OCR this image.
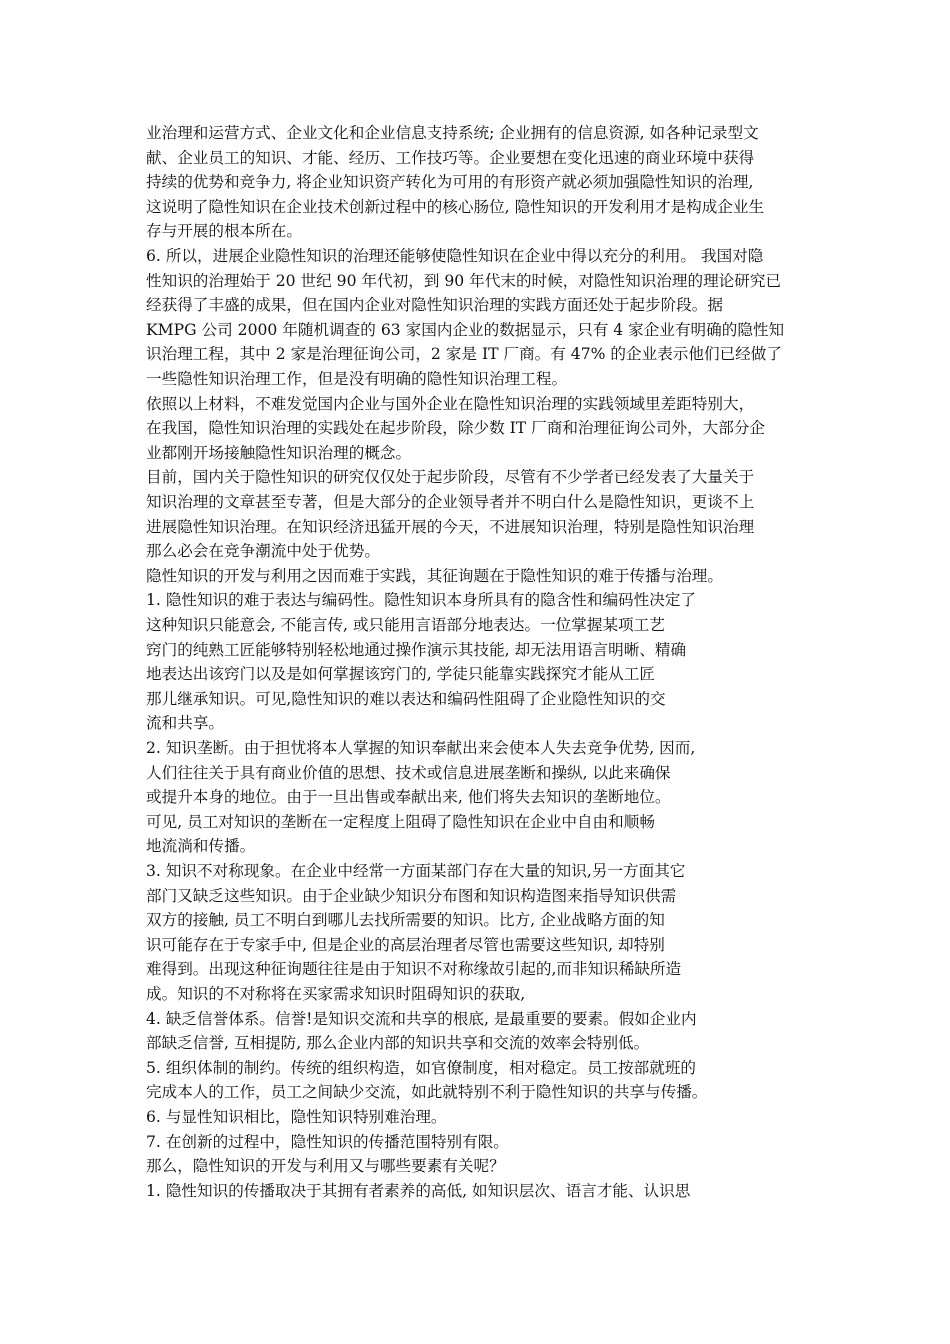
业治理和运营方式、企业文化和企业信息支持系统; 企业拥有的信息资源, 如各种记录型文
献、企业员工的知识、才能、经历、工作技巧等。企业要想在变化迅速的商业环境中获得
持续的优势和竞争力, 将企业知识资产转化为可用的有形资产就必须加强隐性知识的治理,
这说明了隐性知识在企业技术创新过程中的核心肠位, 隐性知识的开发利用才是构成企业生
存与开展的根本所在。
6. 所以，进展企业隐性知识的治理还能够使隐性知识在企业中得以充分的利用。 我国对隐
性知识的治理始于 20 世纪 90 年代初，到 90 年代末的时候，对隐性知识治理的理论研究已
经获得了丰盛的成果，但在国内企业对隐性知识治理的实践方面还处于起步阶段。据
KMPG 公司 2000 年随机调查的 63 家国内企业的数据显示，只有 4 家企业有明确的隐性知
识治理工程，其中 2 家是治理征询公司，2 家是 IT 厂商。有 47% 的企业表示他们已经做了
一些隐性知识治理工作，但是没有明确的隐性知识治理工程。
依照以上材料，不难发觉国内企业与国外企业在隐性知识治理的实践领域里差距特别大，
在我国，隐性知识治理的实践处在起步阶段，除少数 IT 厂商和治理征询公司外，大部分企
业都刚开场接触隐性知识治理的概念。
目前，国内关于隐性知识的研究仅仅处于起步阶段，尽管有不少学者已经发表了大量关于
知识治理的文章甚至专著，但是大部分的企业领导者并不明白什么是隐性知识，更谈不上
进展隐性知识治理。在知识经济迅猛开展的今天，不进展知识治理，特别是隐性知识治理
那么必会在竞争潮流中处于优势。
隐性知识的开发与利用之因而难于实践，其征询题在于隐性知识的难于传播与治理。
1. 隐性知识的难于表达与编码性。隐性知识本身所具有的隐含性和编码性决定了
这种知识只能意会, 不能言传, 或只能用言语部分地表达。一位掌握某项工艺
窍门的纯熟工匠能够特别轻松地通过操作演示其技能, 却无法用语言明晰、精确
地表达出该窍门以及是如何掌握该窍门的, 学徒只能靠实践探究才能从工匠
那儿继承知识。可见,隐性知识的难以表达和编码性阻碍了企业隐性知识的交
流和共享。
2. 知识垄断。由于担忧将本人掌握的知识奉献出来会使本人失去竞争优势, 因而,
人们往往关于具有商业价值的思想、技术或信息进展垄断和操纵, 以此来确保
或提升本身的地位。由于一旦出售或奉献出来, 他们将失去知识的垄断地位。
可见, 员工对知识的垄断在一定程度上阻碍了隐性知识在企业中自由和顺畅
地流淌和传播。
3. 知识不对称现象。在企业中经常一方面某部门存在大量的知识,另一方面其它
部门又缺乏这些知识。由于企业缺少知识分布图和知识构造图来指导知识供需
双方的接触, 员工不明白到哪儿去找所需要的知识。比方, 企业战略方面的知
识可能存在于专家手中, 但是企业的高层治理者尽管也需要这些知识, 却特别
难得到。出现这种征询题往往是由于知识不对称缘故引起的,而非知识稀缺所造
成。知识的不对称将在买家需求知识时阻碍知识的获取,
4. 缺乏信誉体系。信誉!是知识交流和共享的根底, 是最重要的要素。假如企业内
部缺乏信誉, 互相提防, 那么企业内部的知识共享和交流的效率会特别低。
5. 组织体制的制约。传统的组织构造，如官僚制度，相对稳定。员工按部就班的
完成本人的工作，员工之间缺少交流，如此就特别不利于隐性知识的共享与传播。
6. 与显性知识相比，隐性知识特别难治理。
7. 在创新的过程中，隐性知识的传播范围特别有限。
那么，隐性知识的开发与利用又与哪些要素有关呢？
1. 隐性知识的传播取决于其拥有者素养的高低, 如知识层次、语言才能、认识思
